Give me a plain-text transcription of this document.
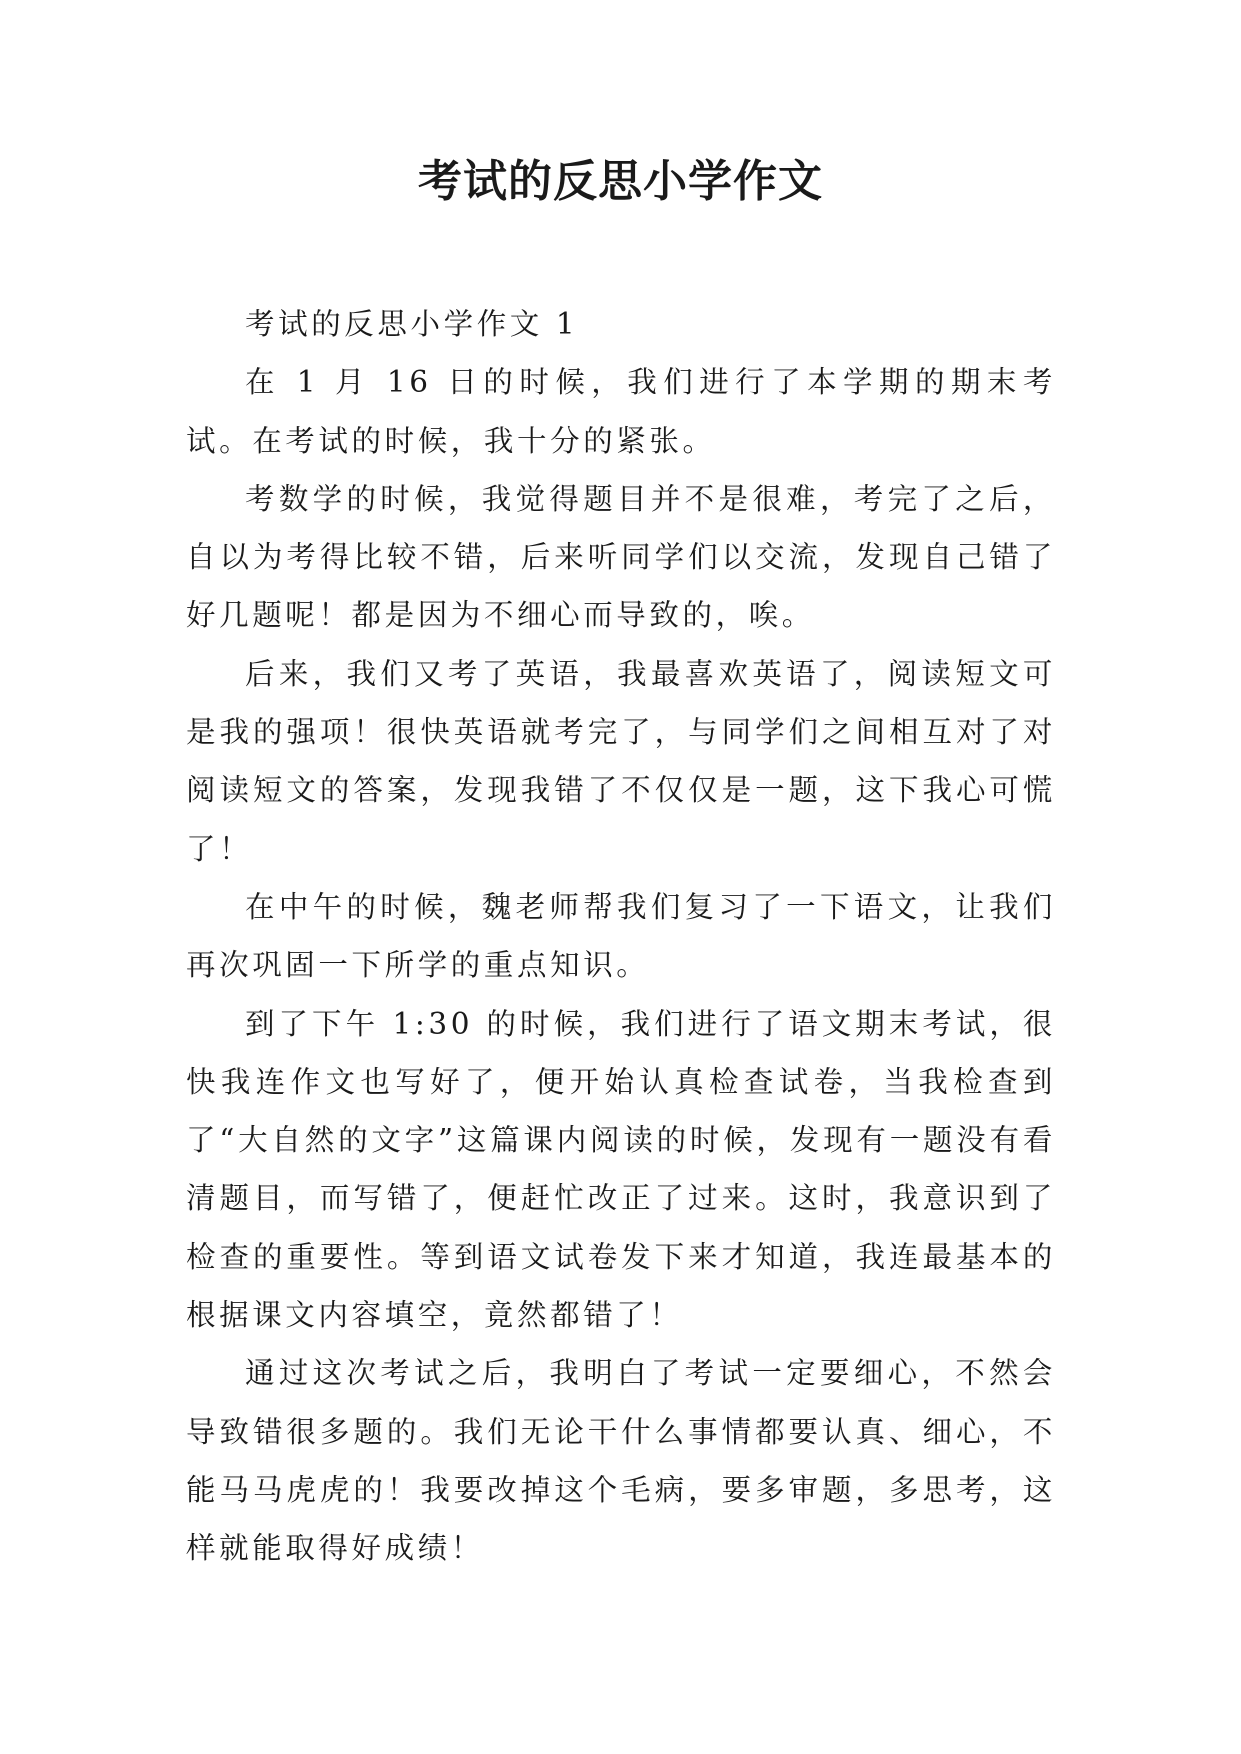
考试的反思小学作文

考试的反思小学作文 1

在 1 月 16 日的时候，我们进行了本学期的期末考试。在考试的时候，我十分的紧张。

考数学的时候，我觉得题目并不是很难，考完了之后，自以为考得比较不错，后来听同学们以交流，发现自己错了好几题呢！都是因为不细心而导致的，唉。

后来，我们又考了英语，我最喜欢英语了，阅读短文可是我的强项！很快英语就考完了，与同学们之间相互对了对阅读短文的答案，发现我错了不仅仅是一题，这下我心可慌了！

在中午的时候，魏老师帮我们复习了一下语文，让我们再次巩固一下所学的重点知识。

到了下午 1:30 的时候，我们进行了语文期末考试，很快我连作文也写好了，便开始认真检查试卷，当我检查到了“大自然的文字”这篇课内阅读的时候，发现有一题没有看清题目，而写错了，便赶忙改正了过来。这时，我意识到了检查的重要性。等到语文试卷发下来才知道，我连最基本的根据课文内容填空，竟然都错了！

通过这次考试之后，我明白了考试一定要细心，不然会导致错很多题的。我们无论干什么事情都要认真、细心，不能马马虎虎的！我要改掉这个毛病，要多审题，多思考，这样就能取得好成绩！
